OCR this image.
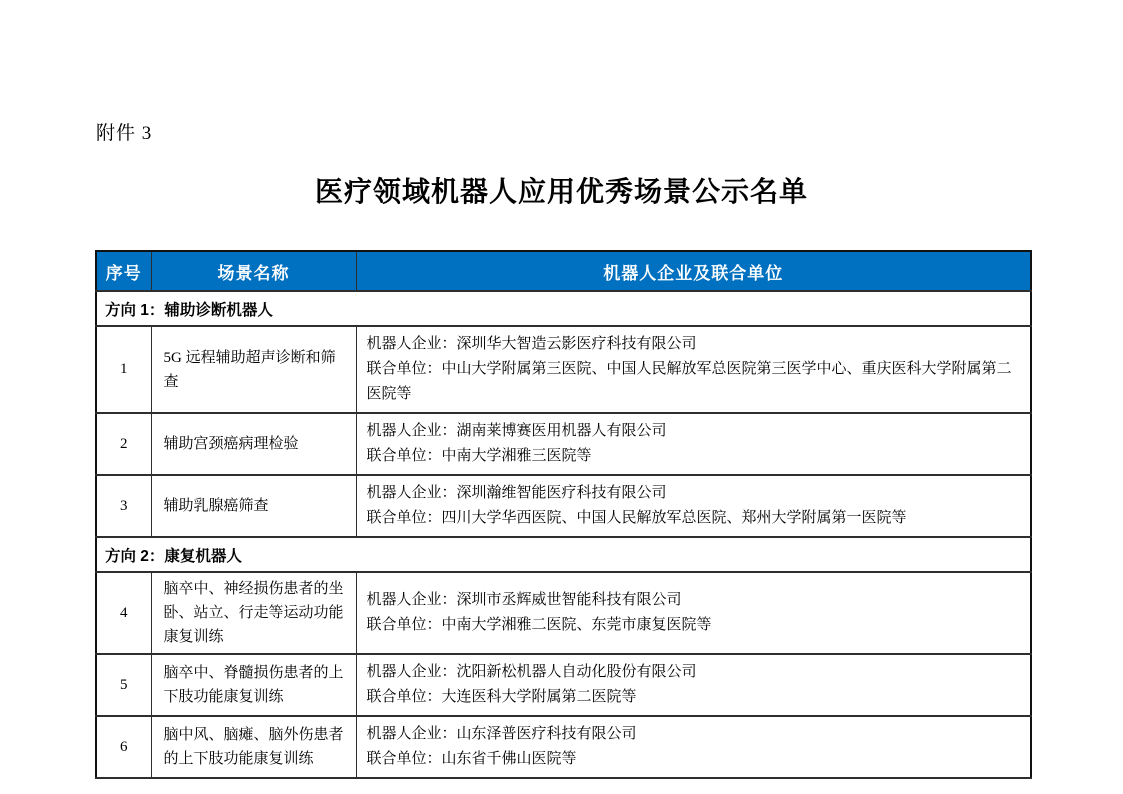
附件 3
医疗领域机器人应用优秀场景公示名单
序号	场景名称	机器人企业及联合单位
方向 1：辅助诊断机器人		
1	5G 远程辅助超声诊断和筛查	机器人企业：深圳华大智造云影医疗科技有限公司
联合单位：中山大学附属第三医院、中国人民解放军总医院第三医学中心、重庆医科大学附属第二医院等

2	辅助宫颈癌病理检验	机器人企业：湖南莱博赛医用机器人有限公司
联合单位：中南大学湘雅三医院等

3	辅助乳腺癌筛查	机器人企业：深圳瀚维智能医疗科技有限公司
联合单位：四川大学华西医院、中国人民解放军总医院、郑州大学附属第一医院等

方向 2：康复机器人		
4	脑卒中、神经损伤患者的坐卧、站立、行走等运动功能康复训练	机器人企业：深圳市丞辉威世智能科技有限公司
联合单位：中南大学湘雅二医院、东莞市康复医院等

5	脑卒中、脊髓损伤患者的上下肢功能康复训练	机器人企业：沈阳新松机器人自动化股份有限公司
联合单位：大连医科大学附属第二医院等

6	脑中风、脑瘫、脑外伤患者的上下肢功能康复训练	机器人企业：山东泽普医疗科技有限公司
联合单位：山东省千佛山医院等
